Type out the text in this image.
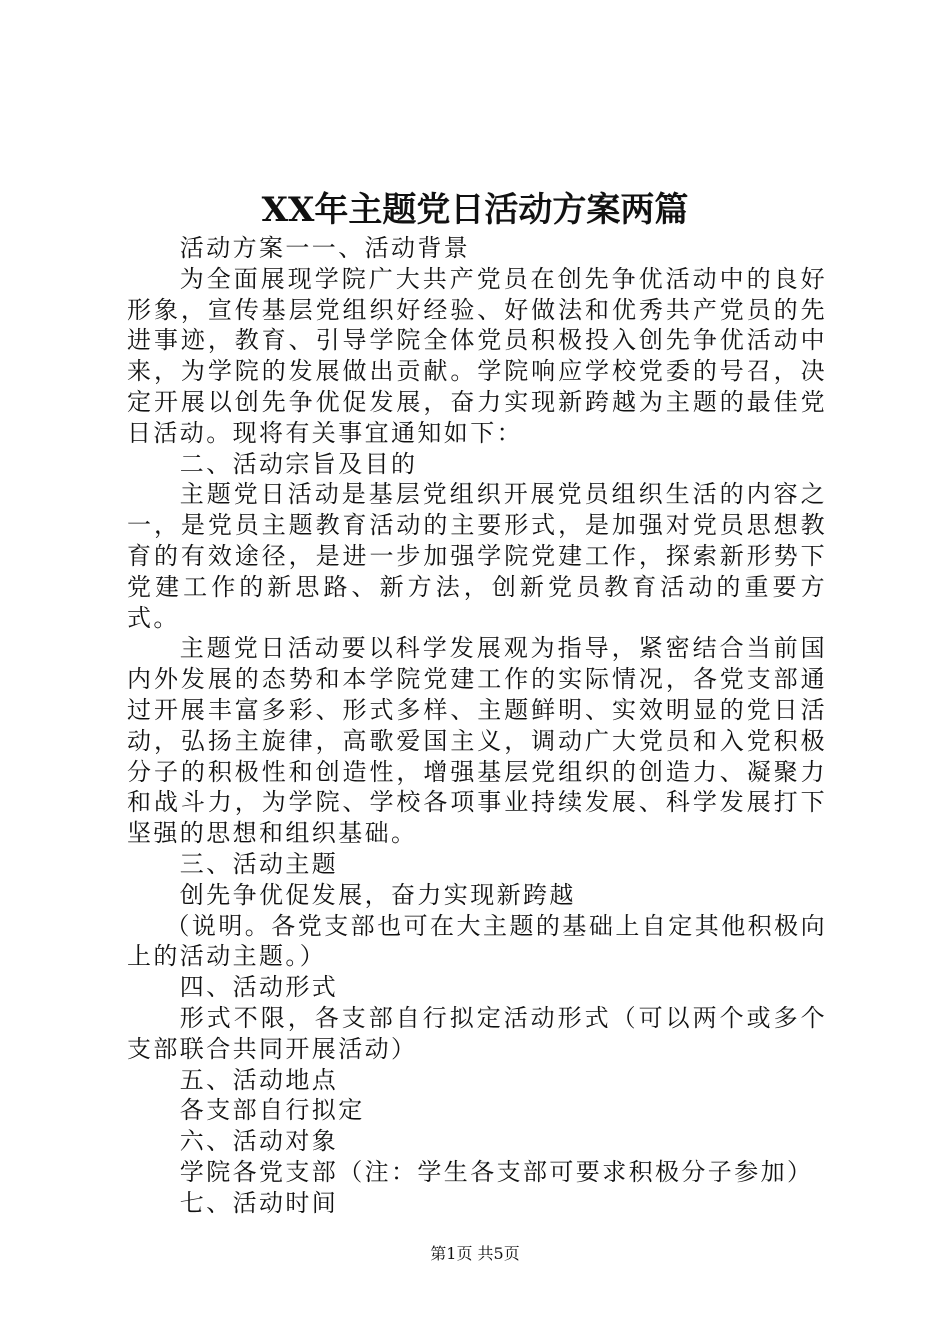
XX年主题党日活动方案两篇

活动方案一一、活动背景

为全面展现学院广大共产党员在创先争优活动中的良好形象，宣传基层党组织好经验、好做法和优秀共产党员的先进事迹，教育、引导学院全体党员积极投入创先争优活动中来，为学院的发展做出贡献。学院响应学校党委的号召，决定开展以创先争优促发展，奋力实现新跨越为主题的最佳党日活动。现将有关事宜通知如下：

二、活动宗旨及目的

主题党日活动是基层党组织开展党员组织生活的内容之一，是党员主题教育活动的主要形式，是加强对党员思想教育的有效途径，是进一步加强学院党建工作，探索新形势下党建工作的新思路、新方法，创新党员教育活动的重要方式。

主题党日活动要以科学发展观为指导，紧密结合当前国内外发展的态势和本学院党建工作的实际情况，各党支部通过开展丰富多彩、形式多样、主题鲜明、实效明显的党日活动，弘扬主旋律，高歌爱国主义，调动广大党员和入党积极分子的积极性和创造性，增强基层党组织的创造力、凝聚力和战斗力，为学院、学校各项事业持续发展、科学发展打下坚强的思想和组织基础。

三、活动主题

创先争优促发展，奋力实现新跨越

（说明。各党支部也可在大主题的基础上自定其他积极向上的活动主题。）

四、活动形式

形式不限，各支部自行拟定活动形式（可以两个或多个支部联合共同开展活动）

五、活动地点

各支部自行拟定

六、活动对象

学院各党支部（注：学生各支部可要求积极分子参加）

七、活动时间

第1页 共5页
